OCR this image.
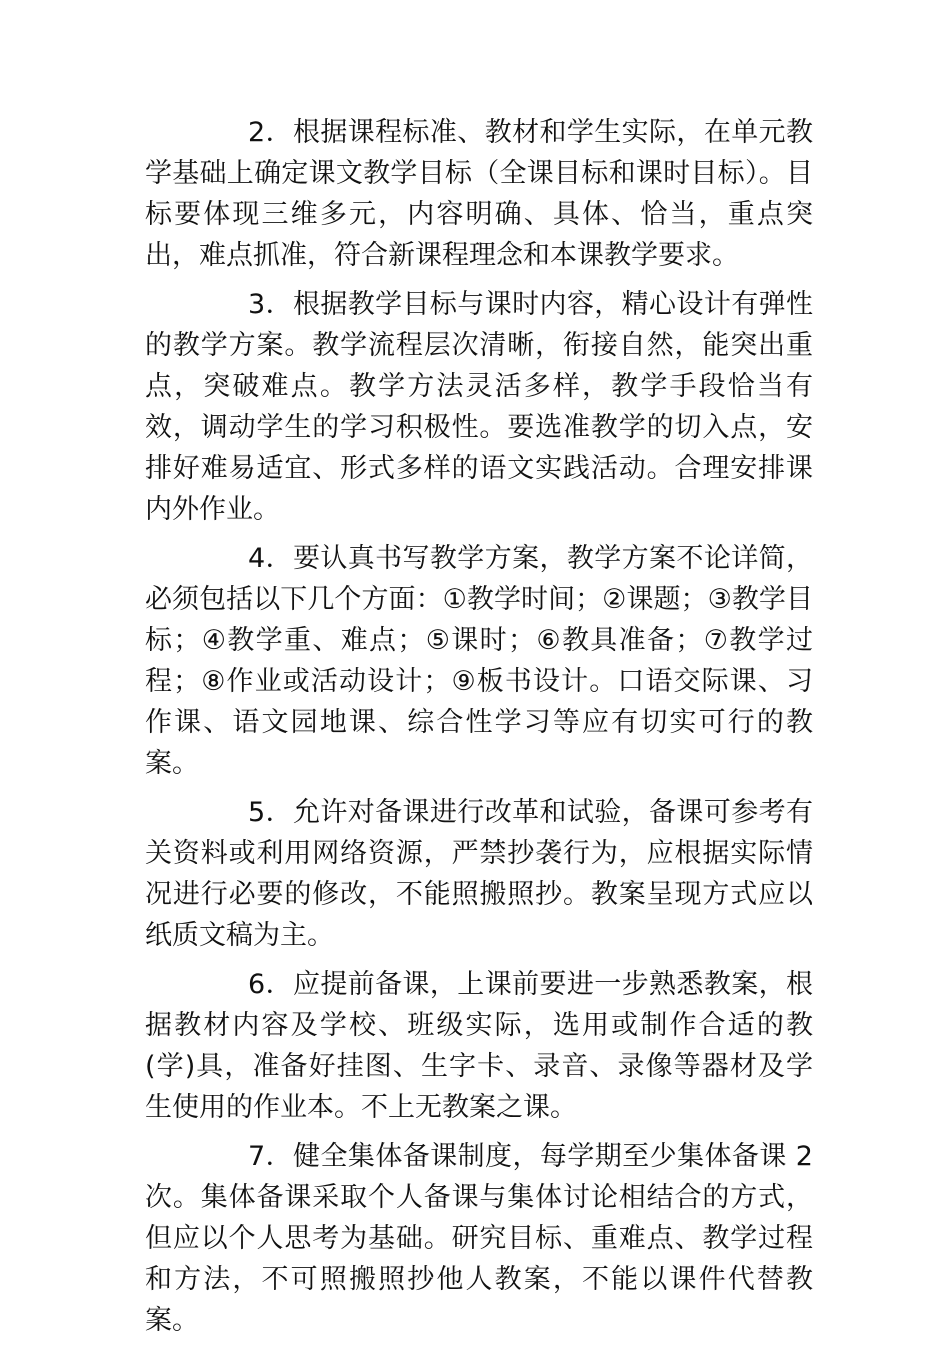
2．根据课程标准、教材和学生实际，在单元教学基础上确定课文教学目标（全课目标和课时目标）。目标要体现三维多元，内容明确、具体、恰当，重点突出，难点抓准，符合新课程理念和本课教学要求。

3．根据教学目标与课时内容，精心设计有弹性的教学方案。教学流程层次清晰，衔接自然，能突出重点，突破难点。教学方法灵活多样，教学手段恰当有效，调动学生的学习积极性。要选准教学的切入点，安排好难易适宜、形式多样的语文实践活动。合理安排课内外作业。

4．要认真书写教学方案，教学方案不论详简，必须包括以下几个方面：①教学时间；②课题；③教学目标；④教学重、难点；⑤课时；⑥教具准备；⑦教学过程；⑧作业或活动设计；⑨板书设计。口语交际课、习作课、语文园地课、综合性学习等应有切实可行的教案。

5．允许对备课进行改革和试验，备课可参考有关资料或利用网络资源，严禁抄袭行为，应根据实际情况进行必要的修改，不能照搬照抄。教案呈现方式应以纸质文稿为主。

6．应提前备课，上课前要进一步熟悉教案，根据教材内容及学校、班级实际，选用或制作合适的教(学)具，准备好挂图、生字卡、录音、录像等器材及学生使用的作业本。不上无教案之课。

7．健全集体备课制度，每学期至少集体备课 2 次。集体备课采取个人备课与集体讨论相结合的方式，但应以个人思考为基础。研究目标、重难点、教学过程和方法，不可照搬照抄他人教案，不能以课件代替教案。
